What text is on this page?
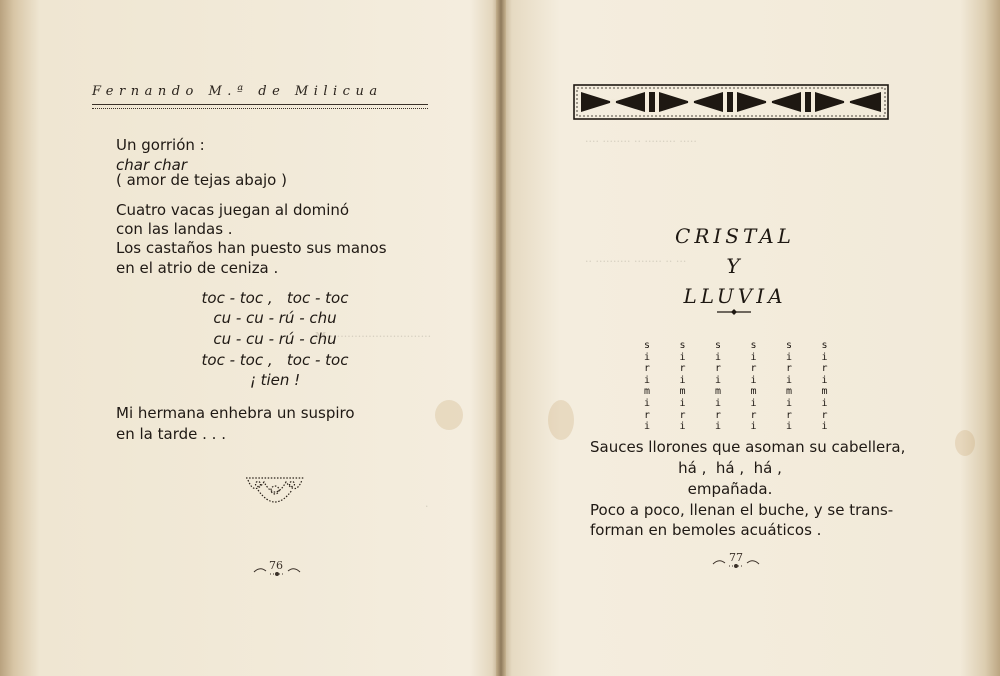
Fernando M.ª de Milicua
Un gorrión :
char char
( amor de tejas abajo )
Cuatro vacas juegan al dominó
con las landas .
Los castaños han puesto sus manos
en el atrio de ceniza .
toc - toc ,   toc - toc
cu - cu - rú - chu
cu - cu - rú - chu
toc - toc ,   toc - toc
¡ tien !
Mi hermana enhebra un suspiro
en la tarde . . .
76
M······························
·
CRISTAL
Y
LLUVIA
s
i
r
i
m
i
r
i
s
i
r
i
m
i
r
i
s
i
r
i
m
i
r
i
s
i
r
i
m
i
r
i
s
i
r
i
m
i
r
i
s
i
r
i
m
i
r
i
Sauces llorones que asoman su cabellera,
há ,  há ,  há ,
empañada.
Poco a poco, llenan el buche, y se trans-
forman en bemoles acuáticos .
77
···· ········ ·· ········· ·····
·· ·········· ········ ·· ···
